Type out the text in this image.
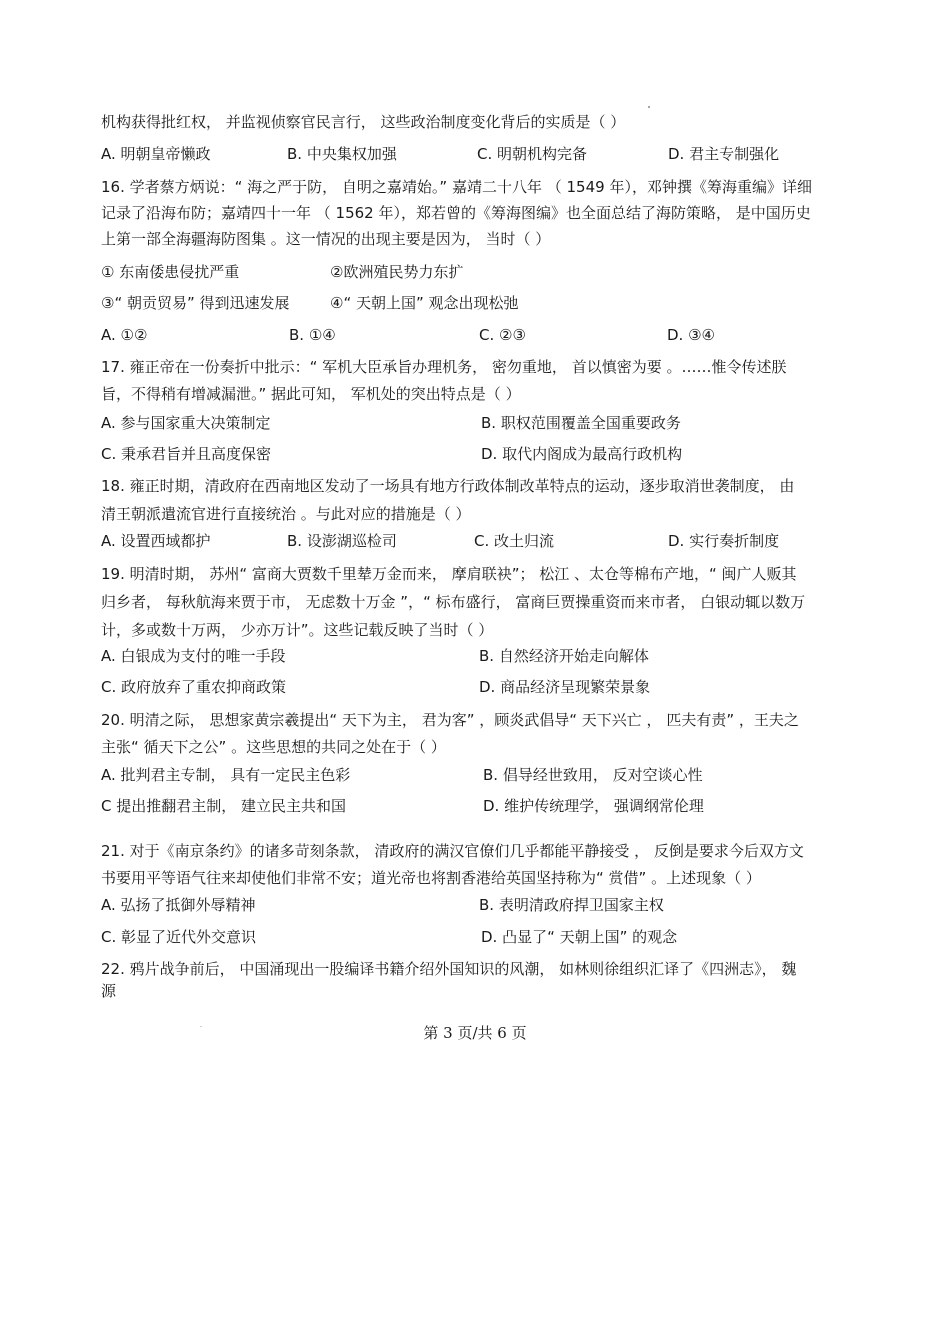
机构获得批红权， 并监视侦察官民言行， 这些政治制度变化背后的实质是（ ）
A. 明朝皇帝懒政	B. 中央集权加强	C. 明朝机构完备	D. 君主专制强化
16. 学者蔡方炳说：“ 海之严于防， 自明之嘉靖始。” 嘉靖二十八年 （ 1549 年），邓钟撰《筹海重编》详细
记录了沿海布防；嘉靖四十一年 （ 1562 年），郑若曾的《筹海图编》也全面总结了海防策略， 是中国历史
上第一部全海疆海防图集 。这一情况的出现主要是因为， 当时（ ）
① 东南倭患侵扰严重	②欧洲殖民势力东扩
③“ 朝贡贸易” 得到迅速发展	④“ 天朝上国” 观念出现松弛
A. ①②	B. ①④	C. ②③	D. ③④
17. 雍正帝在一份奏折中批示：“ 军机大臣承旨办理机务， 密勿重地， 首以慎密为要 。……惟令传述朕
旨，不得稍有增减漏泄。” 据此可知， 军机处的突出特点是（ ）
A. 参与国家重大决策制定	B. 职权范围覆盖全国重要政务
C. 秉承君旨并且高度保密	D. 取代内阁成为最高行政机构
18. 雍正时期，清政府在西南地区发动了一场具有地方行政体制改革特点的运动，逐步取消世袭制度， 由
清王朝派遣流官进行直接统治 。与此对应的措施是（ ）
A. 设置西域都护	B. 设澎湖巡检司	C. 改土归流	D. 实行奏折制度
19. 明清时期， 苏州“ 富商大贾数千里辇万金而来， 摩肩联袂”； 松江 、太仓等棉布产地，“ 闽广人贩其
归乡者， 每秋航海来贾于市， 无虑数十万金 ”，“ 标布盛行， 富商巨贾操重资而来市者， 白银动辄以数万
计，多或数十万两， 少亦万计”。这些记载反映了当时（ ）
A. 白银成为支付的唯一手段	B. 自然经济开始走向解体
C. 政府放弃了重农抑商政策	D. 商品经济呈现繁荣景象
20. 明清之际， 思想家黄宗羲提出“ 天下为主， 君为客” ，顾炎武倡导“ 天下兴亡 ， 匹夫有责” ，王夫之
主张“ 循天下之公” 。这些思想的共同之处在于（ ）
A. 批判君主专制， 具有一定民主色彩	B. 倡导经世致用， 反对空谈心性
C 提出推翻君主制， 建立民主共和国	D. 维护传统理学， 强调纲常伦理
21. 对于《南京条约》的诸多苛刻条款， 清政府的满汉官僚们几乎都能平静接受 ， 反倒是要求今后双方文
书要用平等语气往来却使他们非常不安；道光帝也将割香港给英国坚持称为“ 赏借” 。上述现象（ ）
A. 弘扬了抵御外辱精神	B. 表明清政府捍卫国家主权
C. 彰显了近代外交意识	D. 凸显了“ 天朝上国” 的观念
22. 鸦片战争前后， 中国涌现出一股编译书籍介绍外国知识的风潮， 如林则徐组织汇译了《四洲志》， 魏
源
第 3 页/共 6 页
